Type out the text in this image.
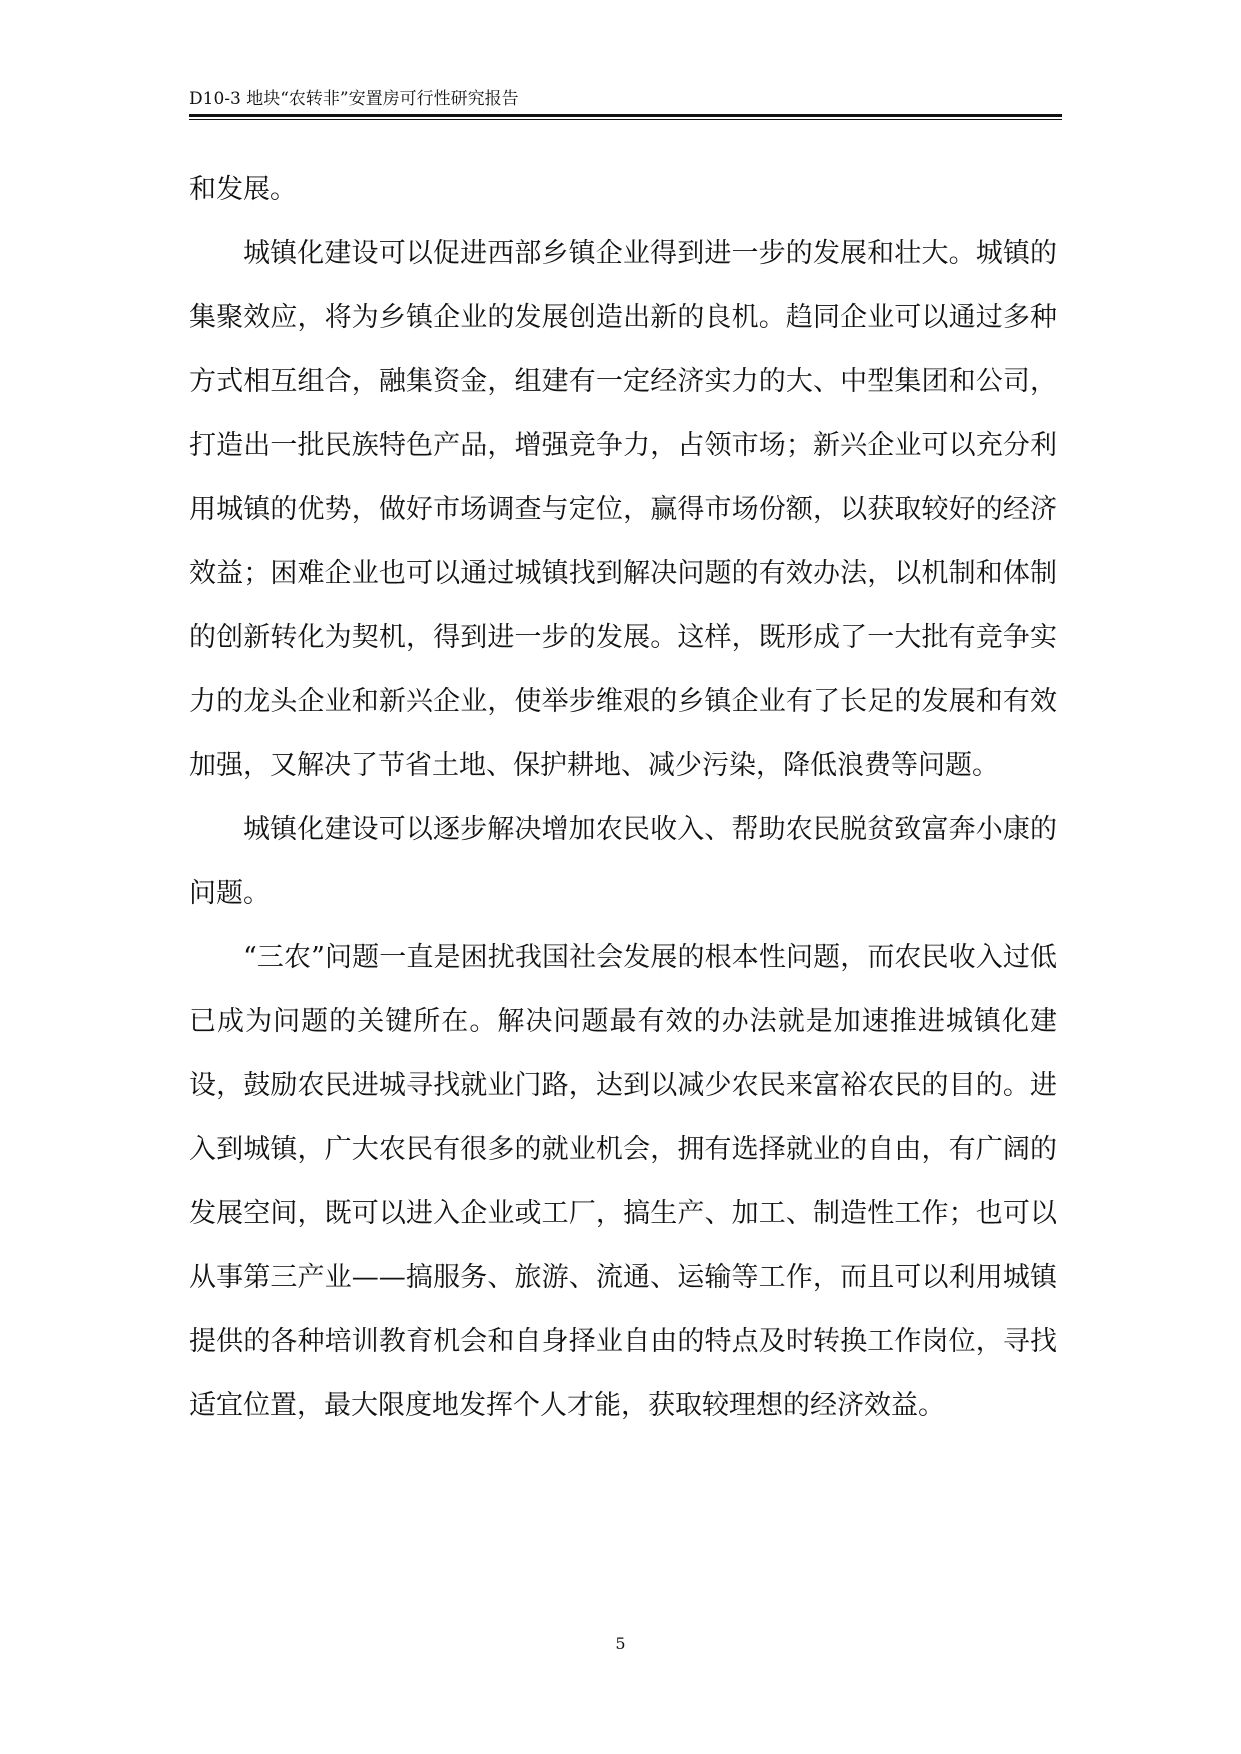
D10-3 地块“农转非”安置房可行性研究报告

和发展。

城镇化建设可以促进西部乡镇企业得到进一步的发展和壮大。城镇的集聚效应，将为乡镇企业的发展创造出新的良机。趋同企业可以通过多种方式相互组合，融集资金，组建有一定经济实力的大、中型集团和公司，打造出一批民族特色产品，增强竞争力，占领市场；新兴企业可以充分利用城镇的优势，做好市场调查与定位，赢得市场份额，以获取较好的经济效益；困难企业也可以通过城镇找到解决问题的有效办法，以机制和体制的创新转化为契机，得到进一步的发展。这样，既形成了一大批有竞争实力的龙头企业和新兴企业，使举步维艰的乡镇企业有了长足的发展和有效加强，又解决了节省土地、保护耕地、减少污染，降低浪费等问题。

城镇化建设可以逐步解决增加农民收入、帮助农民脱贫致富奔小康的问题。

“三农”问题一直是困扰我国社会发展的根本性问题，而农民收入过低已成为问题的关键所在。解决问题最有效的办法就是加速推进城镇化建设，鼓励农民进城寻找就业门路，达到以减少农民来富裕农民的目的。进入到城镇，广大农民有很多的就业机会，拥有选择就业的自由，有广阔的发展空间，既可以进入企业或工厂，搞生产、加工、制造性工作；也可以从事第三产业——搞服务、旅游、流通、运输等工作，而且可以利用城镇提供的各种培训教育机会和自身择业自由的特点及时转换工作岗位，寻找适宜位置，最大限度地发挥个人才能，获取较理想的经济效益。

5
